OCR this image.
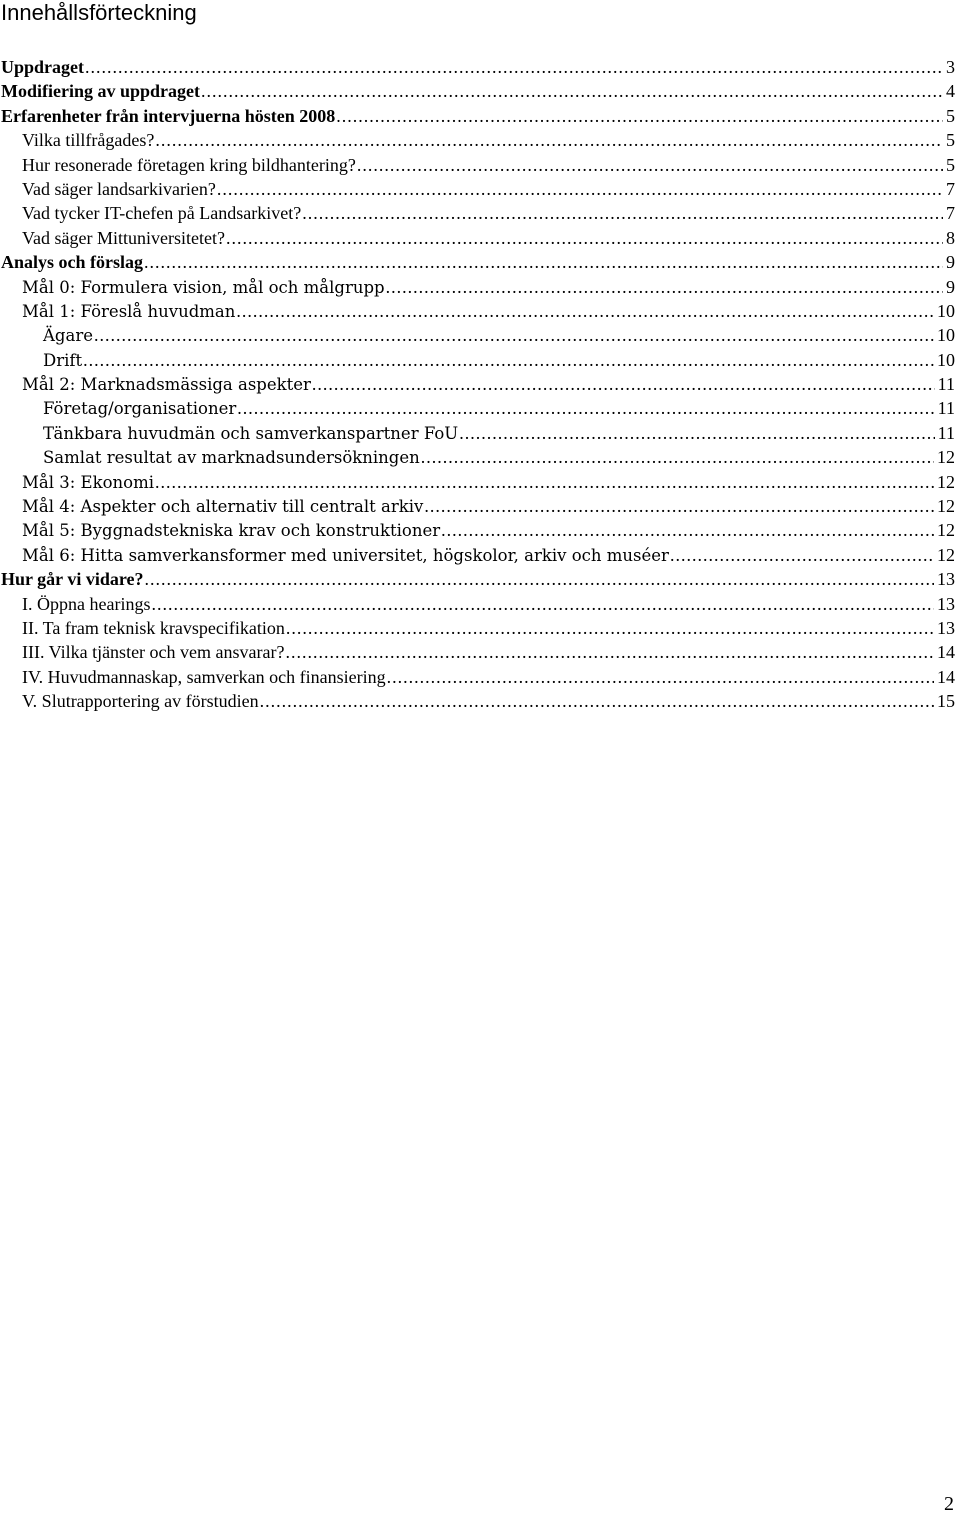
Innehållsförteckning
Uppdraget .....	3
Modifiering av uppdraget .....	4
Erfarenheter från intervjuerna hösten 2008 .....	5
Vilka tillfrågades? .....	5
Hur resonerade företagen kring bildhantering? .....	5
Vad säger landsarkivarien? .....	7
Vad tycker IT-chefen på Landsarkivet? .....	7
Vad säger Mittuniversitetet? .....	8
Analys och förslag .....	9
Mål 0: Formulera vision, mål och målgrupp .....	9
Mål 1: Föreslå huvudman .....	10
Ägare .....	10
Drift .....	10
Mål 2: Marknadsmässiga aspekter .....	11
Företag/organisationer .....	11
Tänkbara huvudmän och samverkanspartner FoU .....	11
Samlat resultat av marknadsundersökningen .....	12
Mål 3: Ekonomi .....	12
Mål 4: Aspekter och alternativ till centralt arkiv .....	12
Mål 5: Byggnadstekniska krav och konstruktioner .....	12
Mål 6: Hitta samverkansformer med universitet, högskolor, arkiv och muséer .....	12
Hur går vi vidare? .....	13
I. Öppna hearings .....	13
II. Ta fram teknisk kravspecifikation .....	13
III. Vilka tjänster och vem ansvarar? .....	14
IV. Huvudmannaskap, samverkan och finansiering .....	14
V. Slutrapportering av förstudien .....	15
2
